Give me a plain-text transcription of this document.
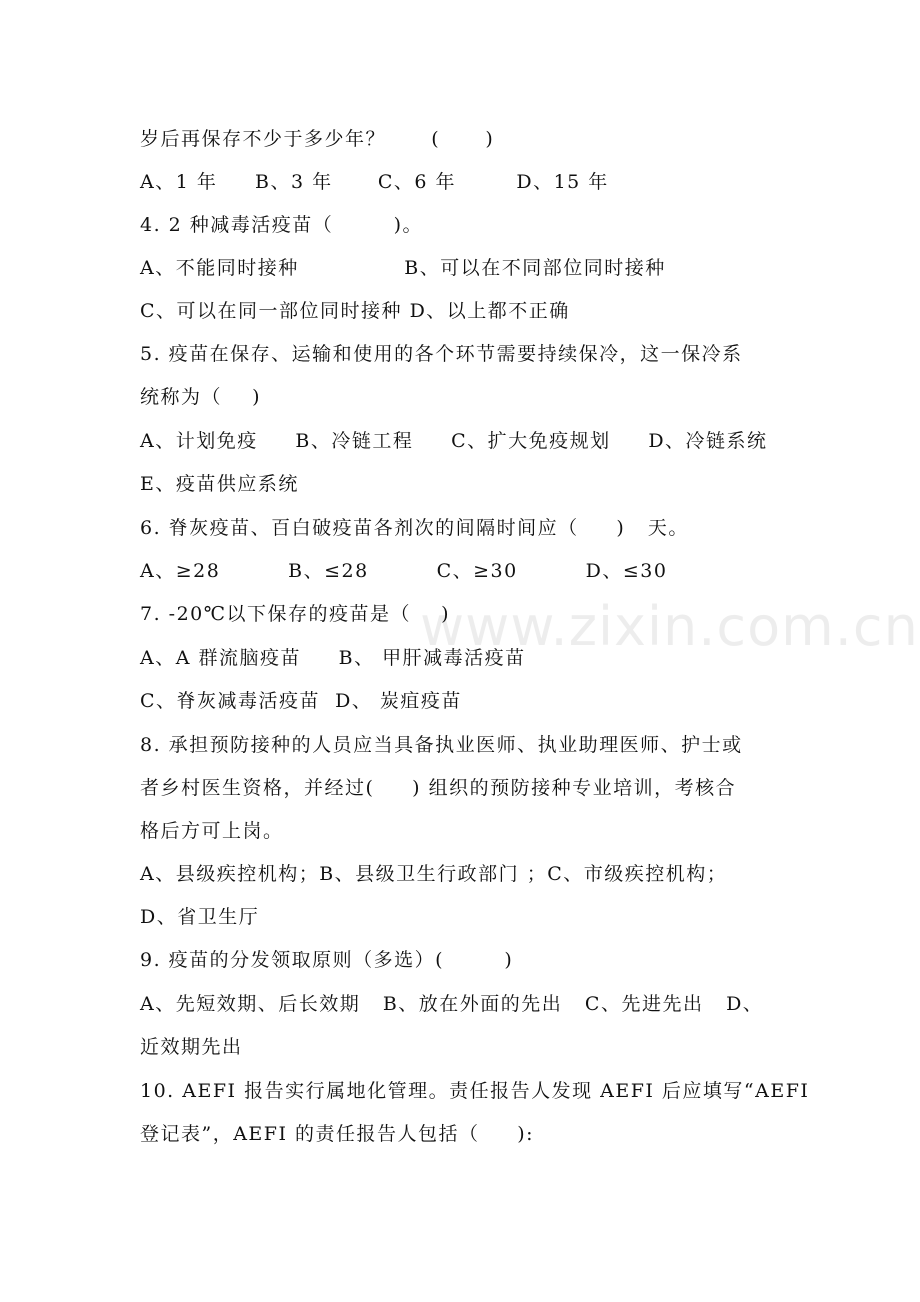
www.zixin.com.cn
岁后再保存不少于多少年？      (      )
A、1 年     B、3 年      C、6 年        D、15 年
4. 2 种减毒活疫苗（        )。
A、不能同时接种              B、可以在不同部位同时接种
C、可以在同一部位同时接种 D、以上都不正确
5. 疫苗在保存、运输和使用的各个环节需要持续保冷，这一保冷系
统称为（    )
A、计划免疫     B、冷链工程     C、扩大免疫规划     D、冷链系统
E、疫苗供应系统
6. 脊灰疫苗、百白破疫苗各剂次的间隔时间应（     )   天。
A、≥28         B、≤28         C、≥30         D、≤30
7. -20℃以下保存的疫苗是（    )
A、A 群流脑疫苗     B、 甲肝减毒活疫苗
C、脊灰减毒活疫苗  D、 炭疽疫苗
8. 承担预防接种的人员应当具备执业医师、执业助理医师、护士或
者乡村医生资格，并经过(     ) 组织的预防接种专业培训，考核合
格后方可上岗。
A、县级疾控机构；B、县级卫生行政部门 ；C、市级疾控机构；
D、省卫生厅
9. 疫苗的分发领取原则（多选）(        )
A、先短效期、后长效期   B、放在外面的先出   C、先进先出   D、
近效期先出
10. AEFI 报告实行属地化管理。责任报告人发现 AEFI 后应填写“AEFI
登记表”，AEFI 的责任报告人包括（     ):
